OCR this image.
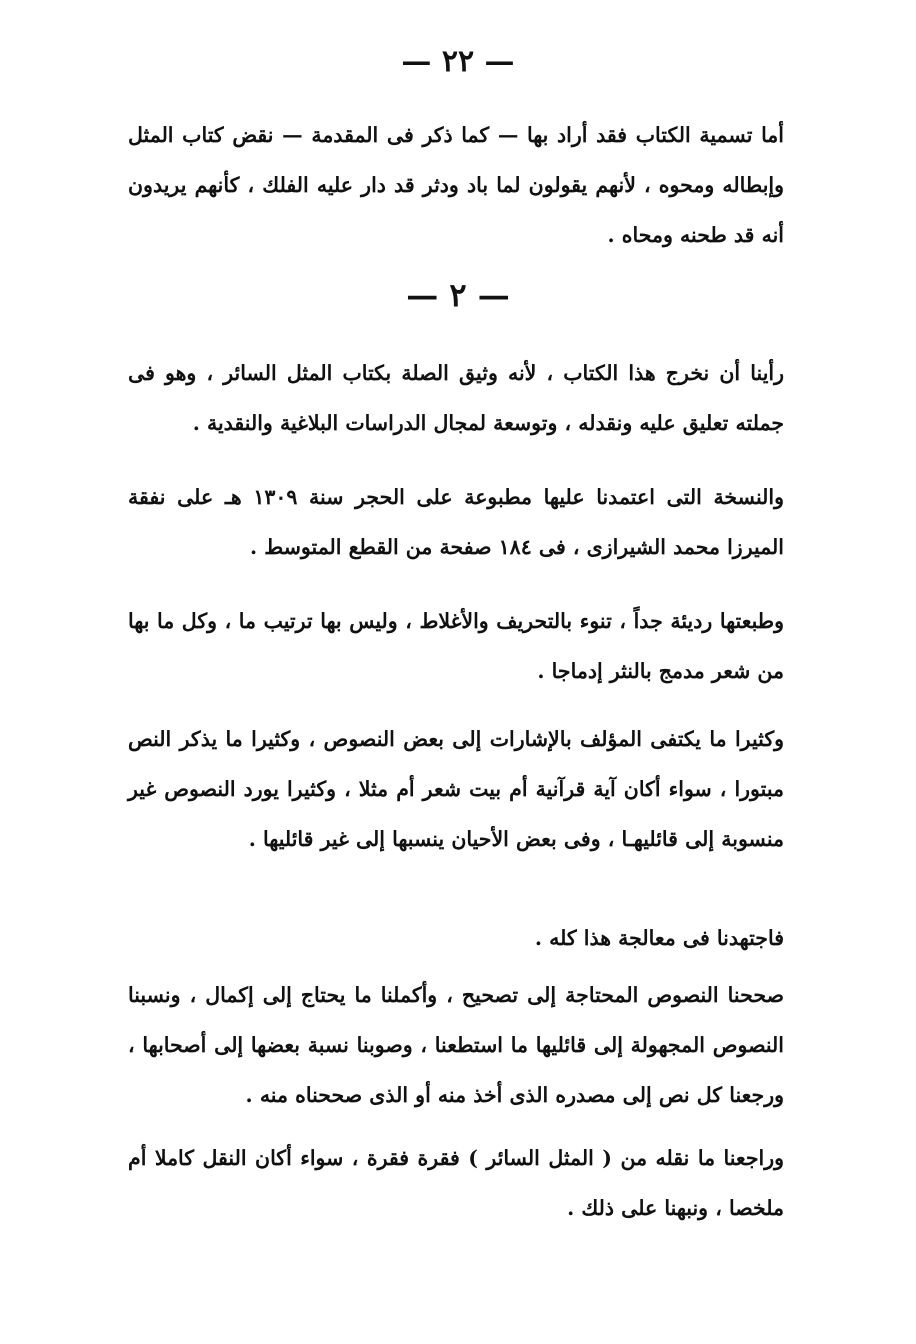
— ٢٢ —
أما تسمية الكتاب فقد أراد بها — كما ذكر فى المقدمة — نقض كتاب المثل وإبطاله ومحوه ، لأنهم يقولون لما باد ودثر قد دار عليه الفلك ، كأنهم يريدون أنه قد طحنه ومحاه .
— ٢ —
رأينا أن نخرج هذا الكتاب ، لأنه وثيق الصلة بكتاب المثل السائر ، وهو فى جملته تعليق عليه ونقدله ، وتوسعة لمجال الدراسات البلاغية والنقدية .
والنسخة التى اعتمدنا عليها مطبوعة على الحجر سنة ١٣٠٩ هـ على نفقة الميرزا محمد الشيرازى ، فى ١٨٤ صفحة من القطع المتوسط .
وطبعتها رديئة جداً ، تنوء بالتحريف والأغلاط ، وليس بها ترتيب ما ، وكل ما بها من شعر مدمج بالنثر إدماجا .
وكثيرا ما يكتفى المؤلف بالإشارات إلى بعض النصوص ، وكثيرا ما يذكر النص مبتورا ، سواء أكان آية قرآنية أم بيت شعر أم مثلا ، وكثيرا يورد النصوص غير منسوبة إلى قائليهـا ، وفى بعض الأحيان ينسبها إلى غير قائليها .
فاجتهدنا فى معالجة هذا كله .
صححنا النصوص المحتاجة إلى تصحيح ، وأكملنا ما يحتاج إلى إكمال ، ونسبنا النصوص المجهولة إلى قائليها ما استطعنا ، وصوبنا نسبة بعضها إلى أصحابها ، ورجعنا كل نص إلى مصدره الذى أخذ منه أو الذى صححناه منه .
وراجعنا ما نقله من ( المثل السائر ) فقرة فقرة ، سواء أكان النقل كاملا أم ملخصا ، ونبهنا على ذلك .
